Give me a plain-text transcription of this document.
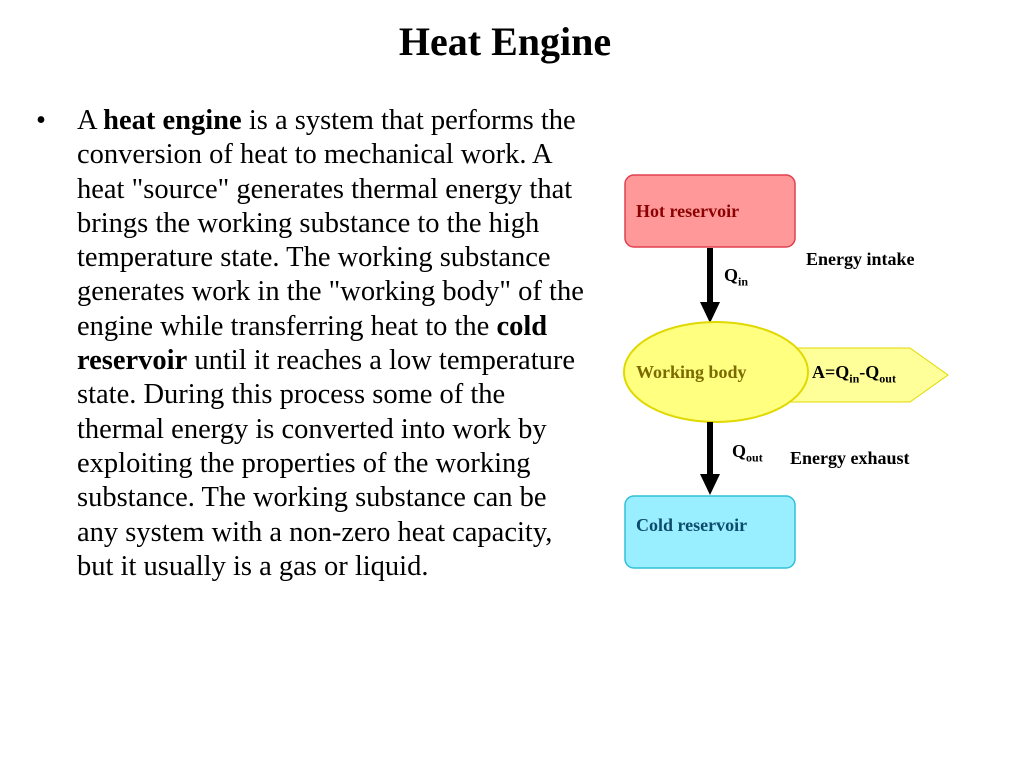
Heat Engine
• A heat engine is a system that performs the conversion of heat to mechanical work. A heat "source" generates thermal energy that brings the working substance to the high temperature state. The working substance generates work in the "working body" of the engine while transferring heat to the cold reservoir until it reaches a low temperature state. During this process some of the thermal energy is converted into work by exploiting the properties of the working substance. The working substance can be any system with a non-zero heat capacity, but it usually is a gas or liquid.
Hot reservoir
Energy intake
$Q_{in}$
Working body	$A=Q_{in}-Q_{out}$
$Q_{out}$ Energy exhaust
Cold reservoir
